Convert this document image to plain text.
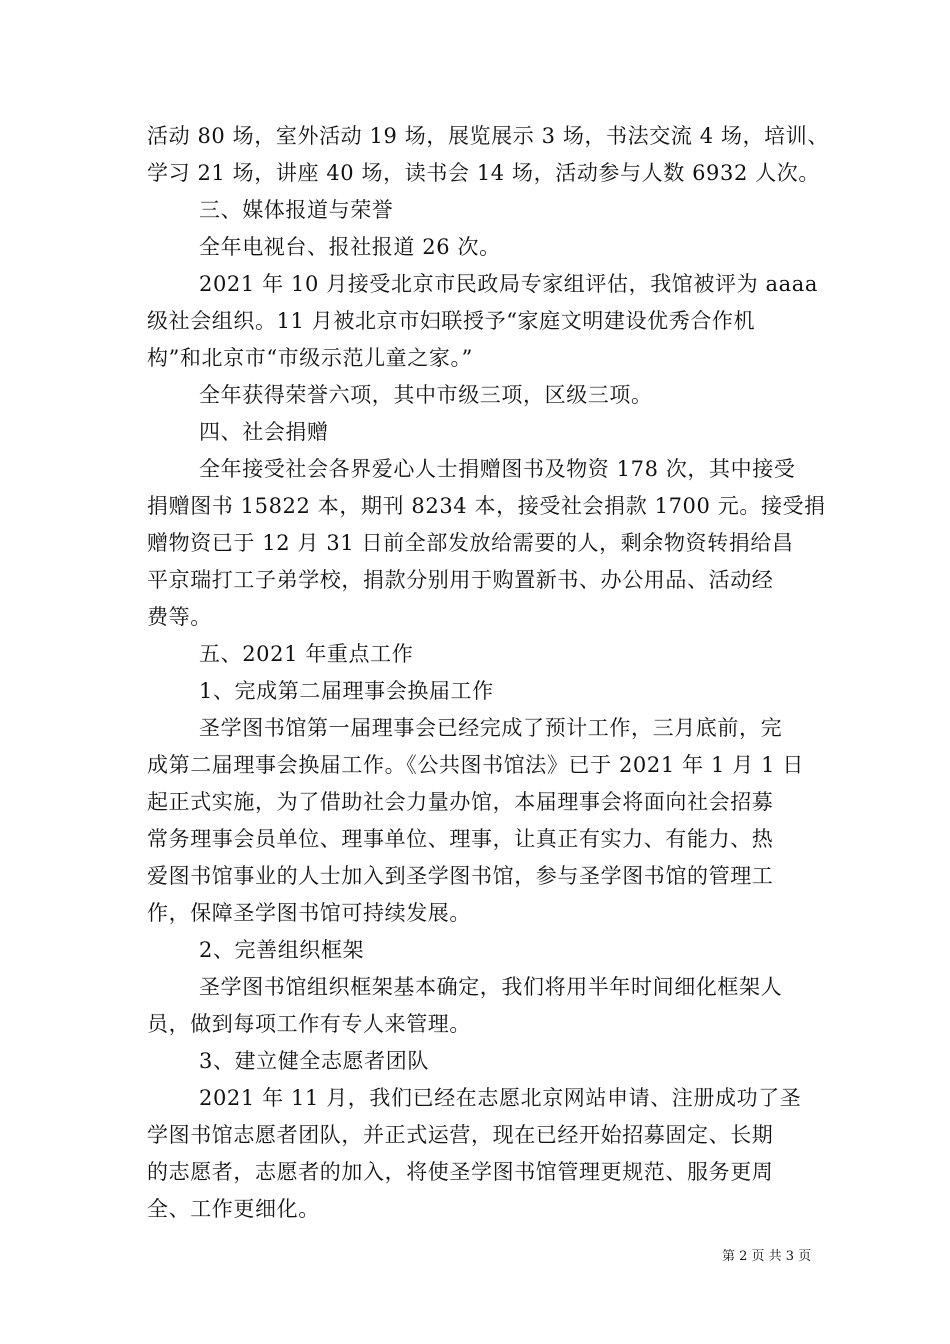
活动 80 场，室外活动 19 场，展览展示 3 场，书法交流 4 场，培训、
学习 21 场，讲座 40 场，读书会 14 场，活动参与人数 6932 人次。
三、媒体报道与荣誉
全年电视台、报社报道 26 次。
2021 年 10 月接受北京市民政局专家组评估，我馆被评为 aaaa
级社会组织。11 月被北京市妇联授予“家庭文明建设优秀合作机
构”和北京市“市级示范儿童之家。”
全年获得荣誉六项，其中市级三项，区级三项。
四、社会捐赠
全年接受社会各界爱心人士捐赠图书及物资 178 次，其中接受
捐赠图书 15822 本，期刊 8234 本，接受社会捐款 1700 元。接受捐
赠物资已于 12 月 31 日前全部发放给需要的人，剩余物资转捐给昌
平京瑞打工子弟学校，捐款分别用于购置新书、办公用品、活动经
费等。
五、2021 年重点工作
1、完成第二届理事会换届工作
圣学图书馆第一届理事会已经完成了预计工作，三月底前，完
成第二届理事会换届工作。《公共图书馆法》已于 2021 年 1 月 1 日
起正式实施，为了借助社会力量办馆，本届理事会将面向社会招募
常务理事会员单位、理事单位、理事，让真正有实力、有能力、热
爱图书馆事业的人士加入到圣学图书馆，参与圣学图书馆的管理工
作，保障圣学图书馆可持续发展。
2、完善组织框架
圣学图书馆组织框架基本确定，我们将用半年时间细化框架人
员，做到每项工作有专人来管理。
3、建立健全志愿者团队
2021 年 11 月，我们已经在志愿北京网站申请、注册成功了圣
学图书馆志愿者团队，并正式运营，现在已经开始招募固定、长期
的志愿者，志愿者的加入，将使圣学图书馆管理更规范、服务更周
全、工作更细化。
第 2 页 共 3 页
